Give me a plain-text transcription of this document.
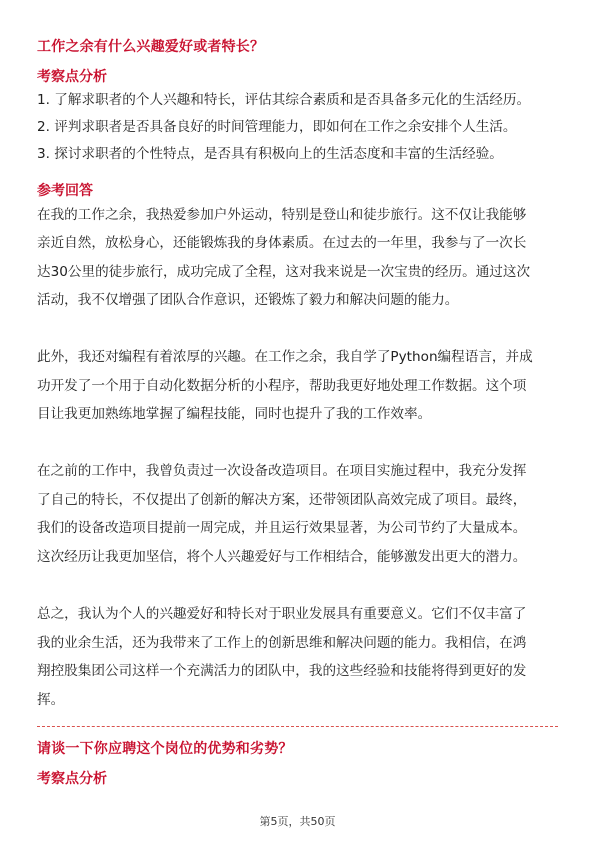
工作之余有什么兴趣爱好或者特长？
考察点分析
1. 了解求职者的个人兴趣和特长，评估其综合素质和是否具备多元化的生活经历。
2. 评判求职者是否具备良好的时间管理能力，即如何在工作之余安排个人生活。
3. 探讨求职者的个性特点，是否具有积极向上的生活态度和丰富的生活经验。
参考回答
在我的工作之余，我热爱参加户外运动，特别是登山和徒步旅行。这不仅让我能够
亲近自然，放松身心，还能锻炼我的身体素质。在过去的一年里，我参与了一次长
达30公里的徒步旅行，成功完成了全程，这对我来说是一次宝贵的经历。通过这次
活动，我不仅增强了团队合作意识，还锻炼了毅力和解决问题的能力。
此外，我还对编程有着浓厚的兴趣。在工作之余，我自学了Python编程语言，并成
功开发了一个用于自动化数据分析的小程序，帮助我更好地处理工作数据。这个项
目让我更加熟练地掌握了编程技能，同时也提升了我的工作效率。
在之前的工作中，我曾负责过一次设备改造项目。在项目实施过程中，我充分发挥
了自己的特长，不仅提出了创新的解决方案，还带领团队高效完成了项目。最终，
我们的设备改造项目提前一周完成，并且运行效果显著，为公司节约了大量成本。
这次经历让我更加坚信，将个人兴趣爱好与工作相结合，能够激发出更大的潜力。
总之，我认为个人的兴趣爱好和特长对于职业发展具有重要意义。它们不仅丰富了
我的业余生活，还为我带来了工作上的创新思维和解决问题的能力。我相信，在鸿
翔控股集团公司这样一个充满活力的团队中，我的这些经验和技能将得到更好的发
挥。
请谈一下你应聘这个岗位的优势和劣势？
考察点分析
第5页，共50页
